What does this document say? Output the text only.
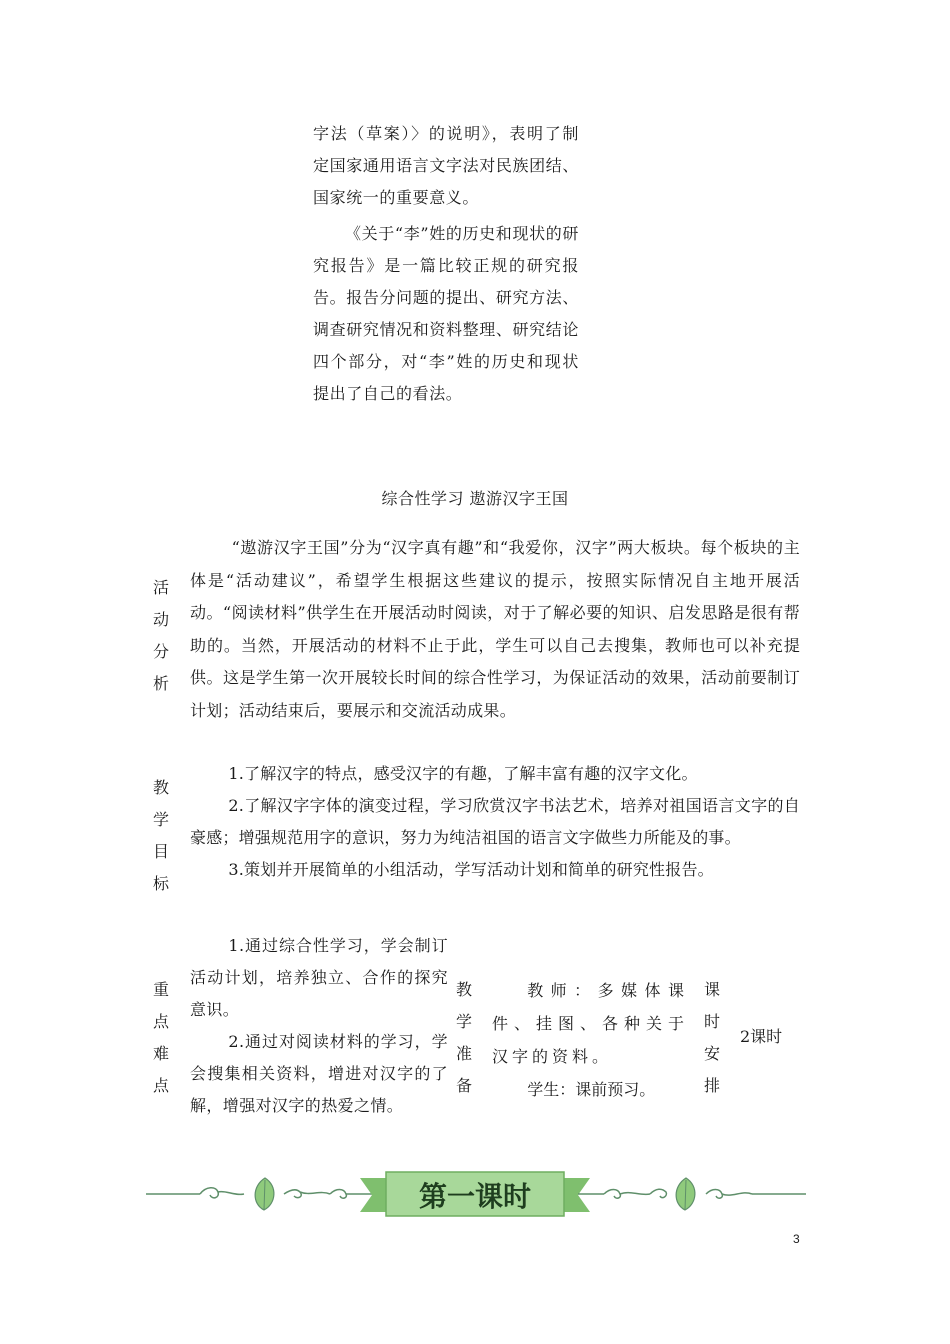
字法（草案）〉的说明》，表明了制定国家通用语言文字法对民族团结、国家统一的重要意义。

《关于“李”姓的历史和现状的研究报告》是一篇比较正规的研究报告。报告分问题的提出、研究方法、调查研究情况和资料整理、研究结论四个部分，对“李”姓的历史和现状提出了自己的看法。

综合性学习 遨游汉字王国
活
动
分
析

“遨游汉字王国”分为“汉字真有趣”和“我爱你，汉字”两大板块。每个板块的主体是“活动建议”，希望学生根据这些建议的提示，按照实际情况自主地开展活动。“阅读材料”供学生在开展活动时阅读，对于了解必要的知识、启发思路是很有帮助的。当然，开展活动的材料不止于此，学生可以自己去搜集，教师也可以补充提供。这是学生第一次开展较长时间的综合性学习，为保证活动的效果，活动前要制订计划；活动结束后，要展示和交流活动成果。

教
学
目
标

1.了解汉字的特点，感受汉字的有趣，了解丰富有趣的汉字文化。

2.了解汉字字体的演变过程，学习欣赏汉字书法艺术，培养对祖国语言文字的自豪感；增强规范用字的意识，努力为纯洁祖国的语言文字做些力所能及的事。

3.策划并开展简单的小组活动，学写活动计划和简单的研究性报告。

重
点
难
点

1.通过综合性学习，学会制订活动计划，培养独立、合作的探究意识。

2.通过对阅读材料的学习，学会搜集相关资料，增进对汉字的了解，增强对汉字的热爱之情。

教
学
准
备

教师：多媒体课件、挂图、各种关于汉字的资料。

学生：课前预习。

课
时
安
排
2课时
第一课时
3
